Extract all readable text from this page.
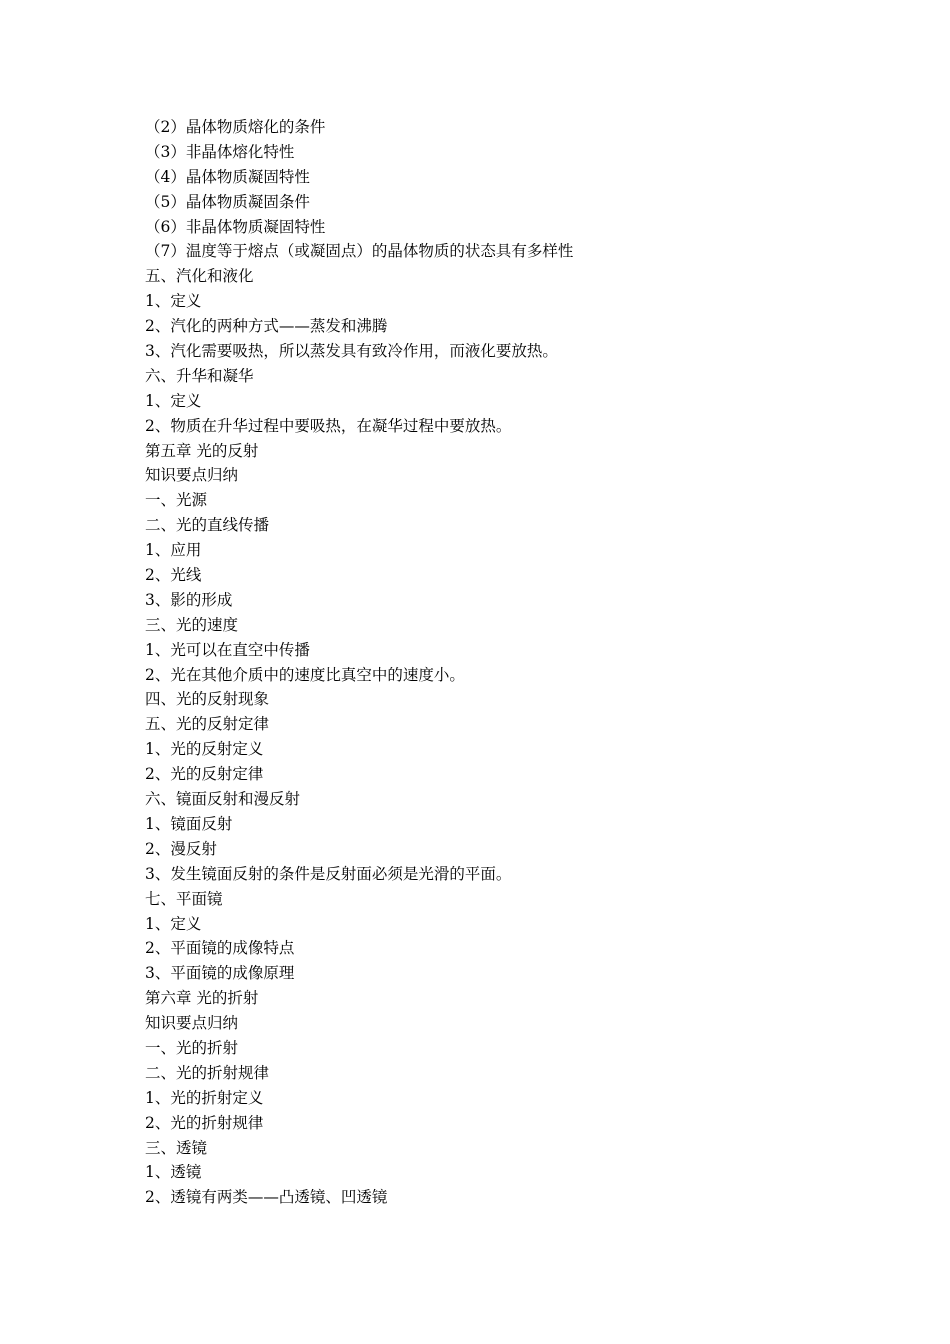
（2）晶体物质熔化的条件

（3）非晶体熔化特性

（4）晶体物质凝固特性

（5）晶体物质凝固条件

（6）非晶体物质凝固特性

（7）温度等于熔点（或凝固点）的晶体物质的状态具有多样性

五、汽化和液化

1、定义

2、汽化的两种方式——蒸发和沸腾

3、汽化需要吸热，所以蒸发具有致冷作用，而液化要放热。

六、升华和凝华

1、定义

2、物质在升华过程中要吸热，在凝华过程中要放热。

第五章 光的反射

知识要点归纳

一、光源

二、光的直线传播

1、应用

2、光线

3、影的形成

三、光的速度

1、光可以在直空中传播

2、光在其他介质中的速度比真空中的速度小。

四、光的反射现象

五、光的反射定律

1、光的反射定义

2、光的反射定律

六、镜面反射和漫反射

1、镜面反射

2、漫反射

3、发生镜面反射的条件是反射面必须是光滑的平面。

七、平面镜

1、定义

2、平面镜的成像特点

3、平面镜的成像原理

第六章 光的折射

知识要点归纳

一、光的折射

二、光的折射规律

1、光的折射定义

2、光的折射规律

三、透镜

1、透镜

2、透镜有两类——凸透镜、凹透镜
